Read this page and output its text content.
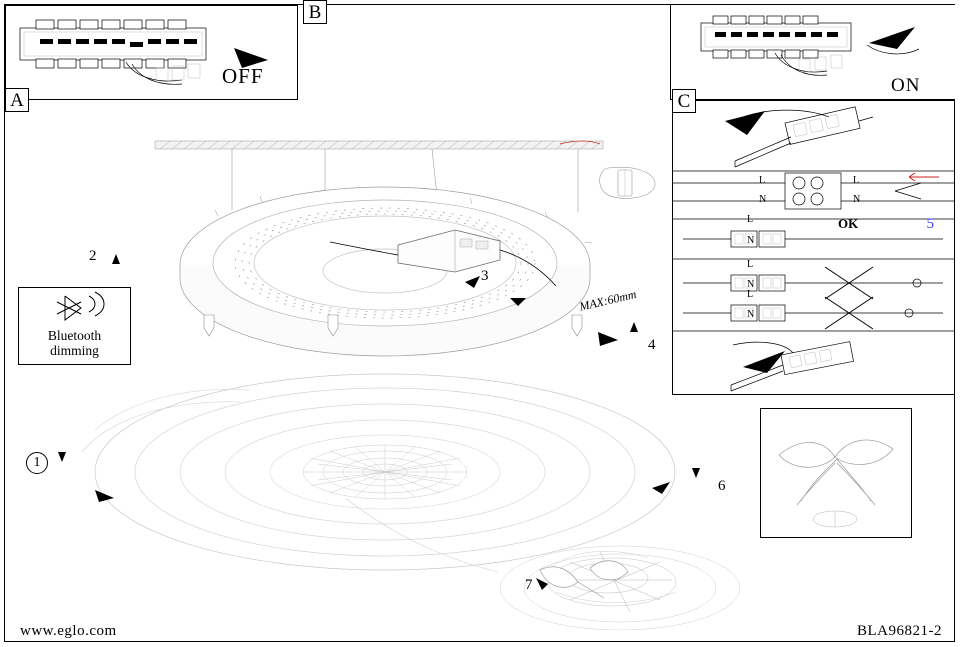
OFF
A
B
ON
Bluetooth
dimming
MAX:60mm
1
2
3
4
6
7
L
N
L
N
L
N
OK
L
N
L
N
5
C
www.eglo.com	BLA96821-2
